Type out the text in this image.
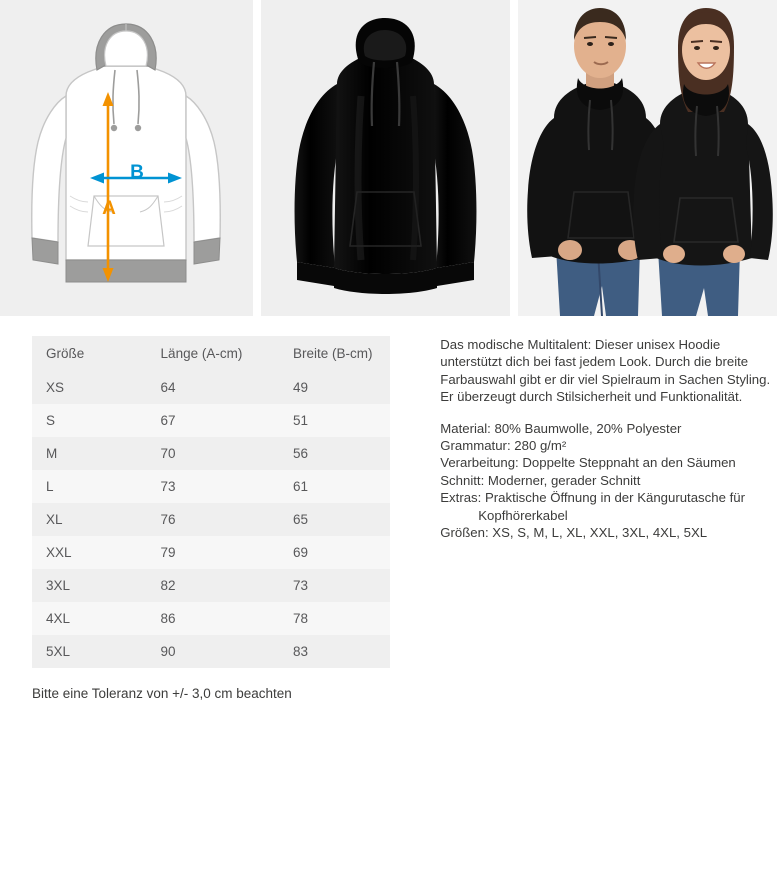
A
B
Größe	Länge (A-cm)	Breite (B-cm)
XS	64	49
S	67	51
M	70	56
L	73	61
XL	76	65
XXL	79	69
3XL	82	73
4XL	86	78
5XL	90	83

Das modische Multitalent: Dieser unisex Hoodie unterstützt dich bei fast jedem Look. Durch die breite Farbauswahl gibt er dir viel Spielraum in Sachen Styling. Er überzeugt durch Stilsicherheit und Funktionalität.

Material: 80% Baumwolle, 20% Polyester

Grammatur: 280 g/m²

Verarbeitung: Doppelte Steppnaht an den Säumen

Schnitt: Moderner, gerader Schnitt

Extras: Praktische Öffnung in der Kängurutasche für

Kopfhörerkabel

Größen: XS, S, M, L, XL, XXL, 3XL, 4XL, 5XL

Bitte eine Toleranz von +/- 3,0 cm beachten
